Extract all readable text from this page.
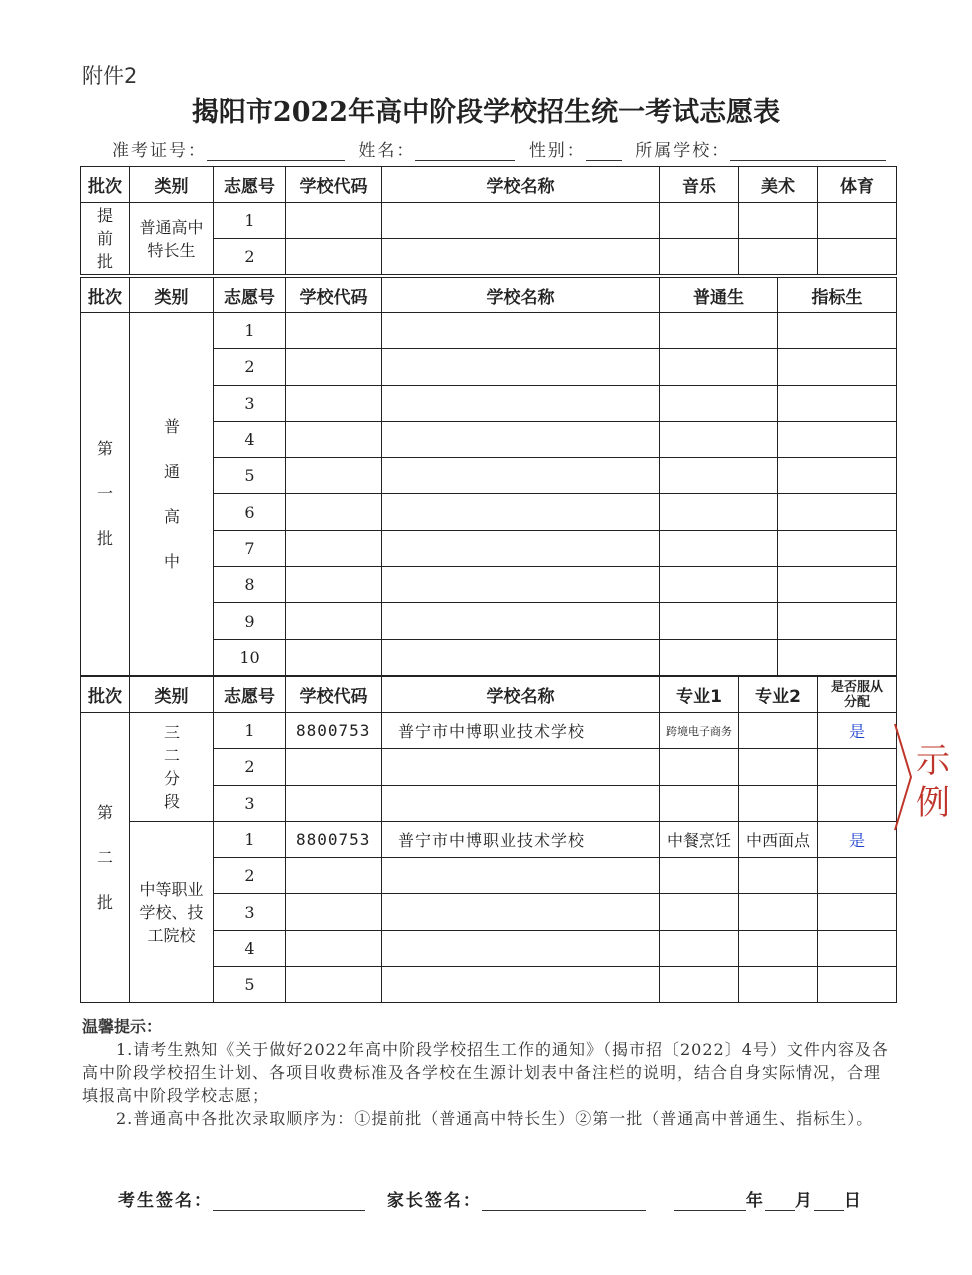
附件2
揭阳市2022年高中阶段学校招生统一考试志愿表
准考证号：	姓名：	性别：	所属学校：
批次	类别	志愿号	学校代码	学校名称	音乐	美术	体育
提前批	普通高中特长生	1					
		2					
批次	类别	志愿号	学校代码	学校名称	普通生	指标生
第一批	普通高中	1				
		2				
		3				
		4				
		5				
		6				
		7				
		8				
		9				
		10				
批次	类别	志愿号	学校代码	学校名称	专业1	专业2	是否服从分配
第二批	三二分段	1	8800753	普宁市中博职业技术学校	跨境电子商务		是
		2					
		3					
	中等职业学校、技工院校	1	8800753	普宁市中博职业技术学校	中餐烹饪	中西面点	是
		2					
		3					
		4					
		5					
示例
温馨提示：

1.请考生熟知《关于做好2022年高中阶段学校招生工作的通知》（揭市招〔2022〕4号）文件内容及各高中阶段学校招生计划、各项目收费标准及各学校在生源计划表中备注栏的说明，结合自身实际情况，合理填报高中阶段学校志愿；

2.普通高中各批次录取顺序为：①提前批（普通高中特长生）②第一批（普通高中普通生、指标生）。

考生签名：	家长签名：	年 月 日
